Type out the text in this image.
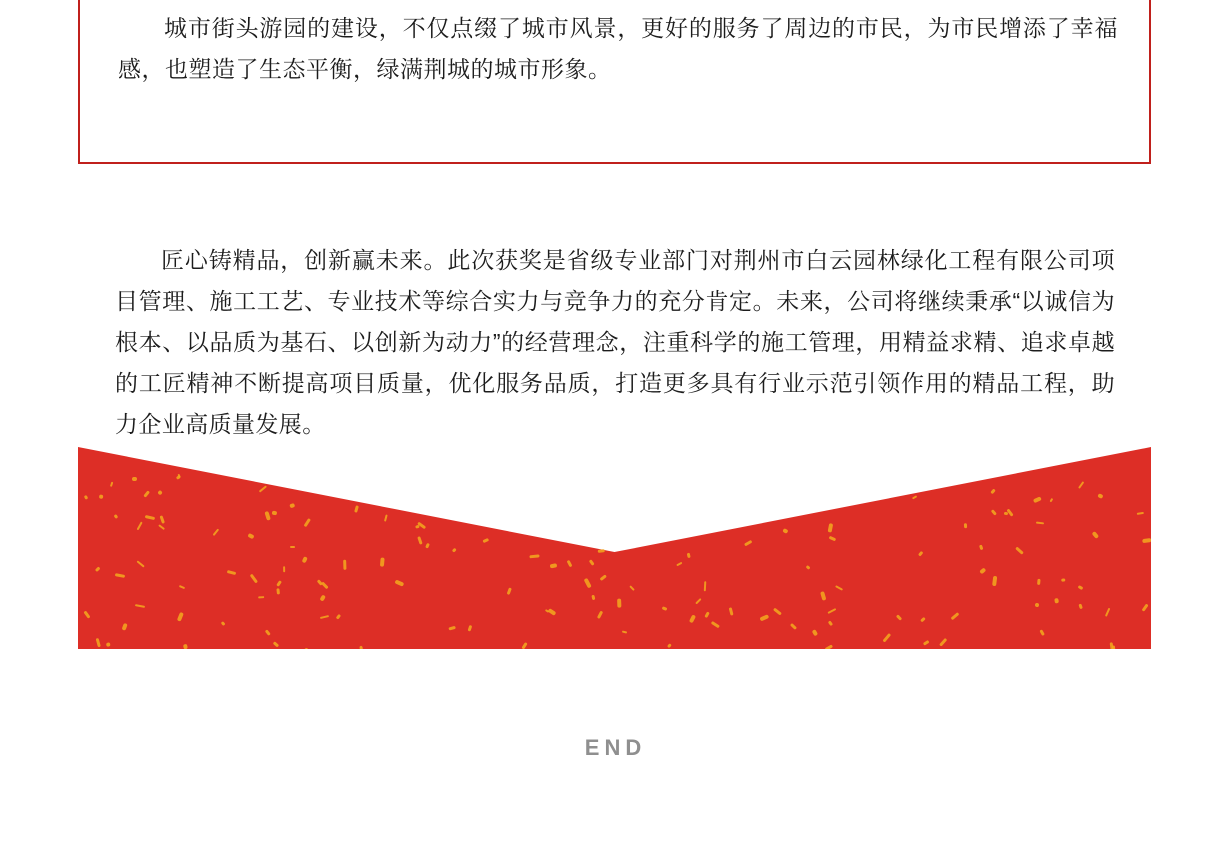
城市街头游园的建设，不仅点缀了城市风景，更好的服务了周边的市民，为市民增添了幸福感，也塑造了生态平衡，绿满荆城的城市形象。
匠心铸精品，创新赢未来。此次获奖是省级专业部门对荆州市白云园林绿化工程有限公司项目管理、施工工艺、专业技术等综合实力与竞争力的充分肯定。未来，公司将继续秉承“以诚信为根本、以品质为基石、以创新为动力”的经营理念，注重科学的施工管理，用精益求精、追求卓越的工匠精神不断提高项目质量，优化服务品质，打造更多具有行业示范引领作用的精品工程，助力企业高质量发展。
END
